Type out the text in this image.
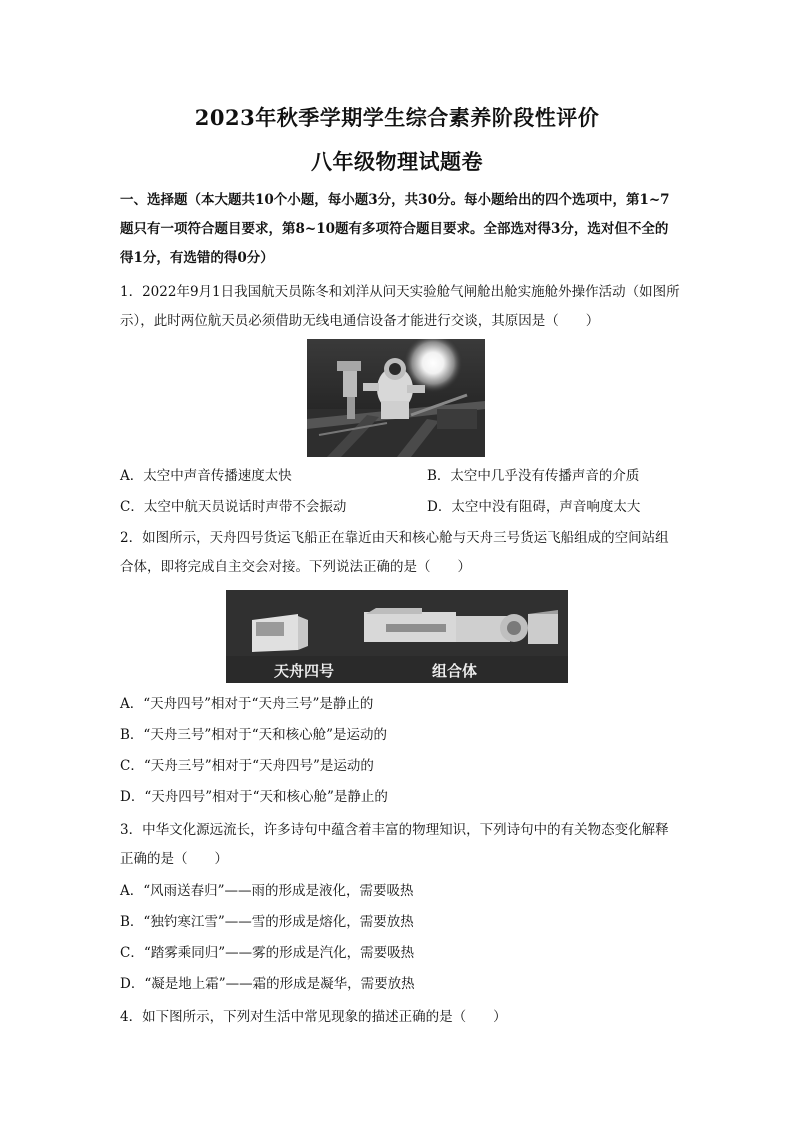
2023年秋季学期学生综合素养阶段性评价
八年级物理试题卷
一、选择题（本大题共10个小题，每小题3分，共30分。每小题给出的四个选项中，第1~7题只有一项符合题目要求，第8~10题有多项符合题目要求。全部选对得3分，选对但不全的得1分，有选错的得0分）
1．2022年9月1日我国航天员陈冬和刘洋从问天实验舱气闸舱出舱实施舱外操作活动（如图所示），此时两位航天员必须借助无线电通信设备才能进行交谈，其原因是（　　）
A．太空中声音传播速度太快	B．太空中几乎没有传播声音的介质
C．太空中航天员说话时声带不会振动	D．太空中没有阻碍，声音响度太大
2．如图所示，天舟四号货运飞船正在靠近由天和核心舱与天舟三号货运飞船组成的空间站组合体，即将完成自主交会对接。下列说法正确的是（　　）
天舟四号	组合体
A．“天舟四号”相对于“天舟三号”是静止的
B．“天舟三号”相对于“天和核心舱”是运动的
C．“天舟三号”相对于“天舟四号”是运动的
D．“天舟四号”相对于“天和核心舱”是静止的
3．中华文化源远流长，许多诗句中蕴含着丰富的物理知识，下列诗句中的有关物态变化解释正确的是（　　）
A．“风雨送春归”——雨的形成是液化，需要吸热
B．“独钓寒江雪”——雪的形成是熔化，需要放热
C．“踏雾乘同归”——雾的形成是汽化，需要吸热
D．“凝是地上霜”——霜的形成是凝华，需要放热
4．如下图所示，下列对生活中常见现象的描述正确的是（　　）
